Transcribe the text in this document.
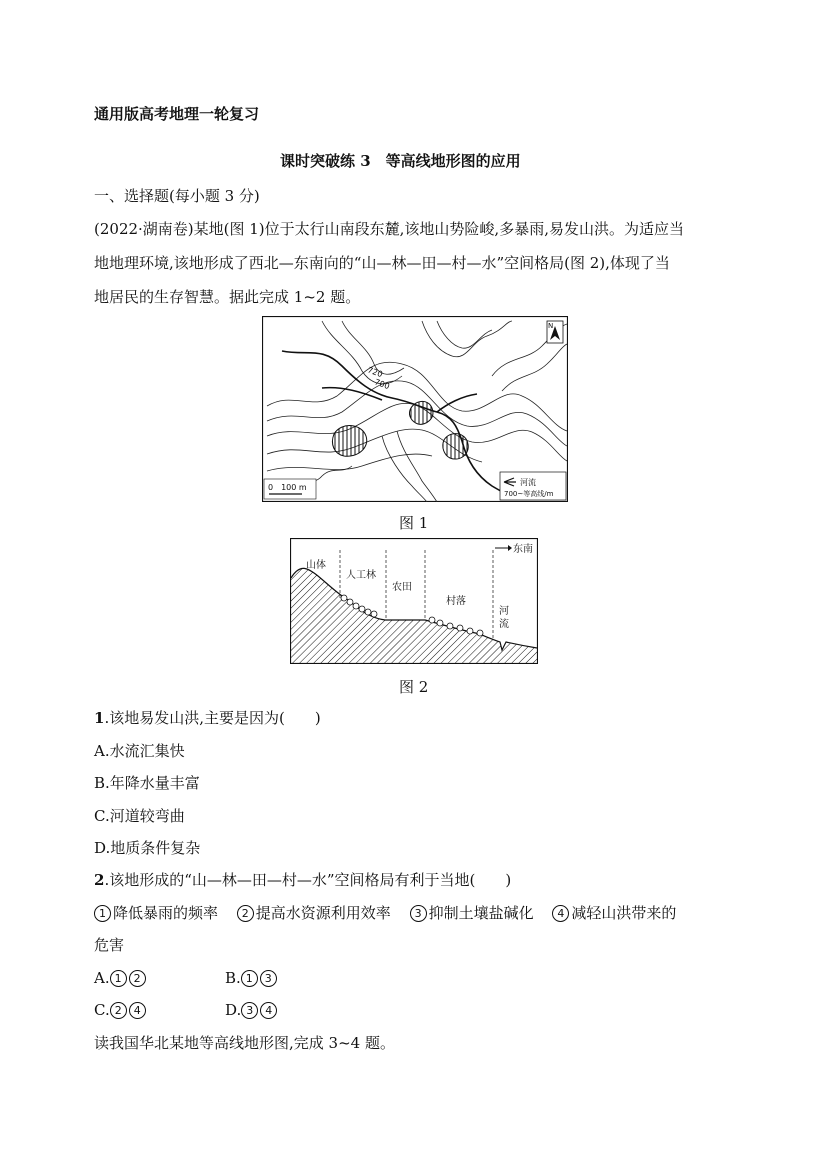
通用版高考地理一轮复习
课时突破练 3　等高线地形图的应用
一、选择题(每小题 3 分)
(2022·湖南卷)某地(图 1)位于太行山南段东麓,该地山势险峻,多暴雨,易发山洪。为适应当
地地理环境,该地形成了西北—东南向的“山—林—田—村—水”空间格局(图 2),体现了当
地居民的生存智慧。据此完成 1~2 题。
720
700
N
0　100 m
河流
700~等高线/m
图 1
东南
山体
人工林
农田
村落
河
流
图 2
1.该地易发山洪,主要是因为(　　)
A.水流汇集快
B.年降水量丰富
C.河道较弯曲
D.地质条件复杂
2.该地形成的“山—林—田—村—水”空间格局有利于当地(　　)
1 降低暴雨的频率 2 提高水资源利用效率 3 抑制土壤盐碱化 4 减轻山洪带来的
危害
A. 1 2	B. 1 3
C. 2 4	D. 3 4
读我国华北某地等高线地形图,完成 3~4 题。
